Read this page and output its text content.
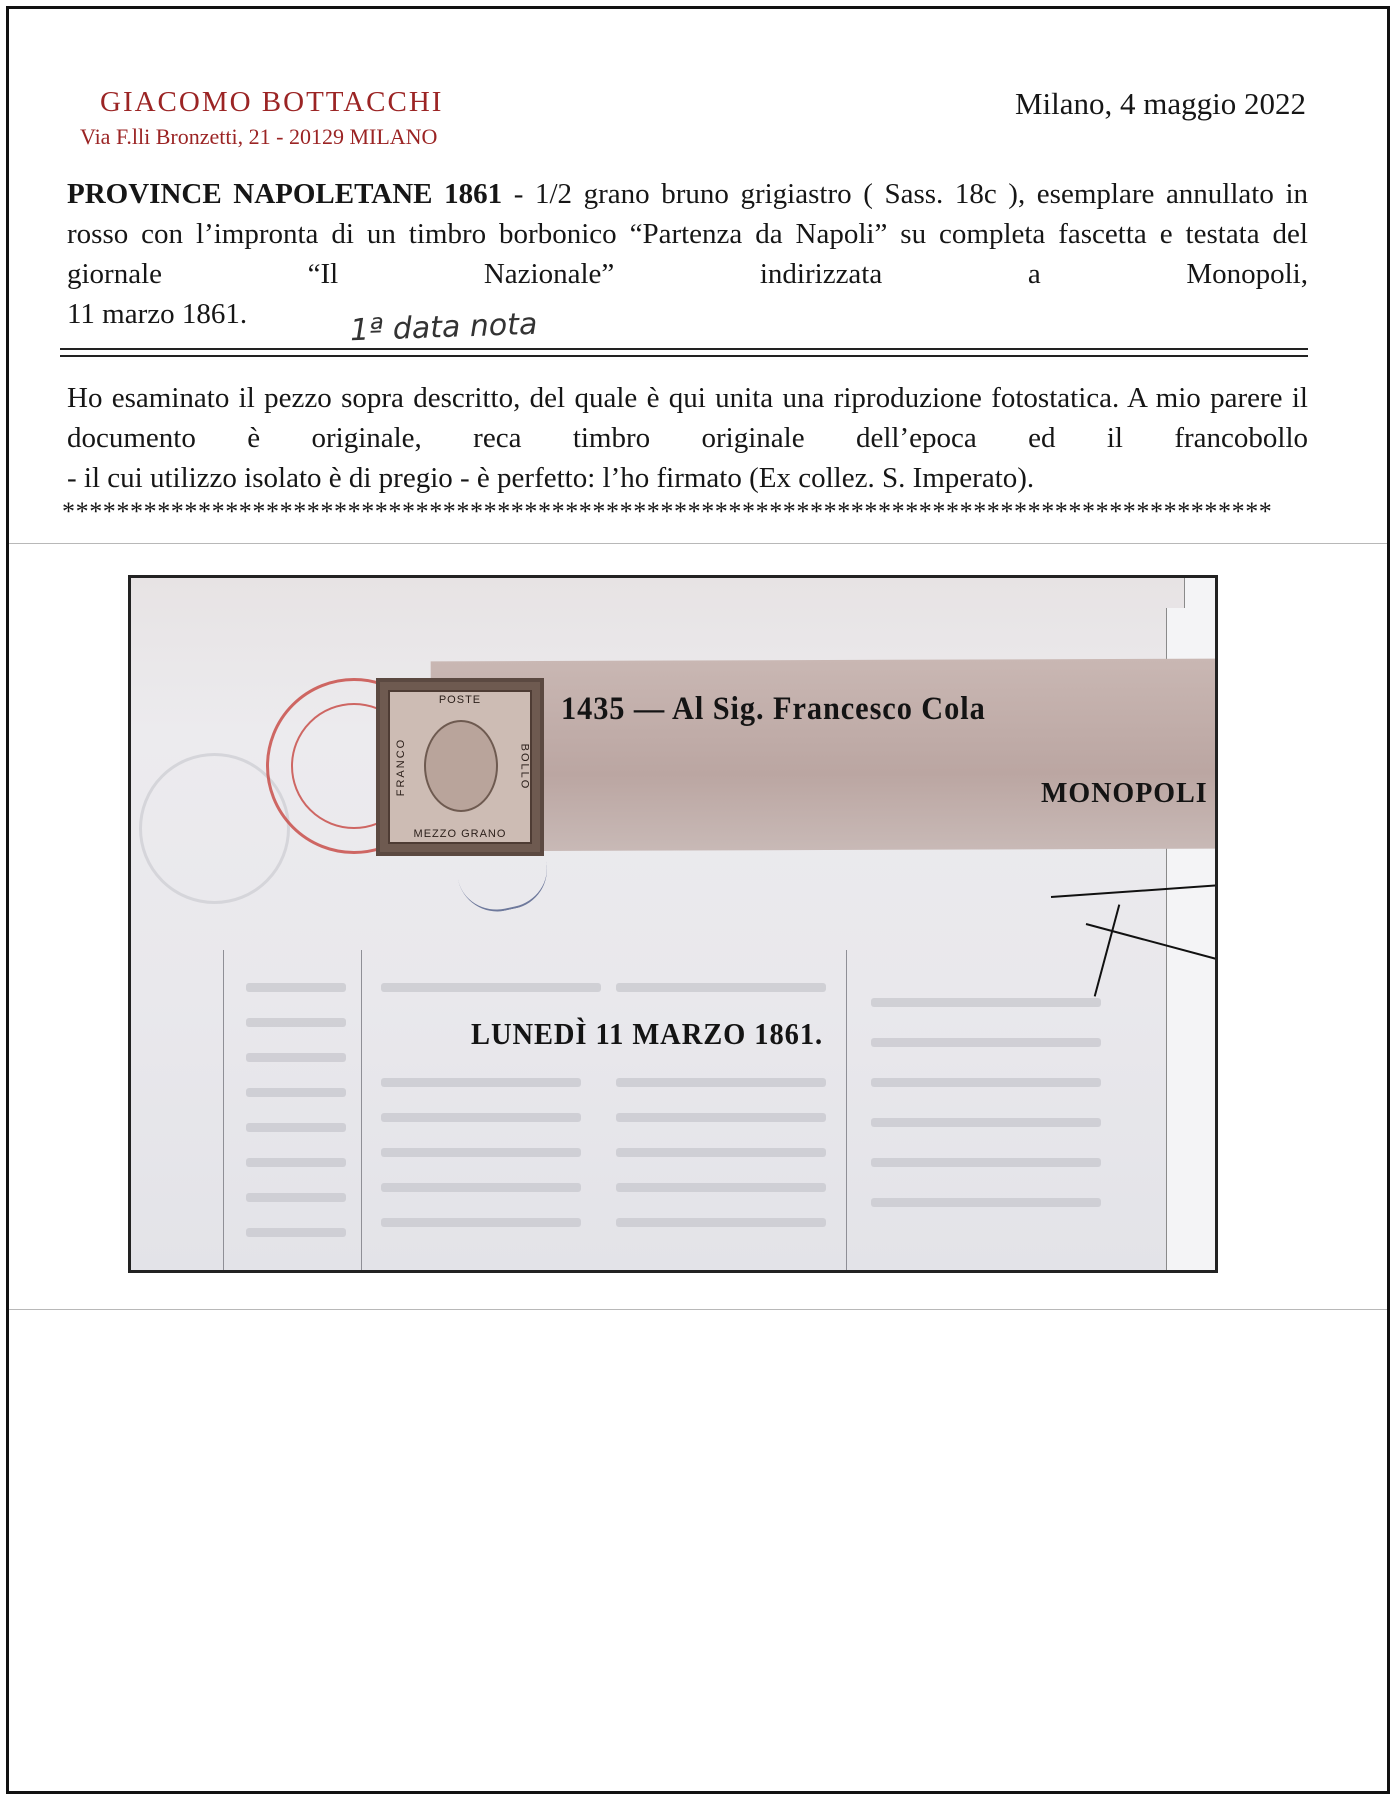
GIACOMO BOTTACCHI
Via F.lli Bronzetti, 21 - 20129 MILANO
Milano, 4 maggio 2022
PROVINCE NAPOLETANE 1861 - 1/2 grano bruno grigiastro ( Sass. 18c ), esemplare annullato in rosso con l’impronta di un timbro borbonico “Partenza da Napoli” su completa fascetta e testata del giornale “Il Nazionale” indirizzata a Monopoli,
11 marzo 1861.	1ª data nota
Ho esaminato il pezzo sopra descritto, del quale è qui unita una riproduzione fotostatica. A mio parere il documento è originale, reca timbro originale dell’epoca ed il francobollo
- il cui utilizzo isolato è di pregio - è perfetto: l’ho firmato (Ex collez. S. Imperato).
*****************************************************************************************
1435 — Al Sig. Francesco Cola
MONOPOLI
POSTE
FRANCO	BOLLO
MEZZO GRANO
LUNEDÌ 11 MARZO 1861.
